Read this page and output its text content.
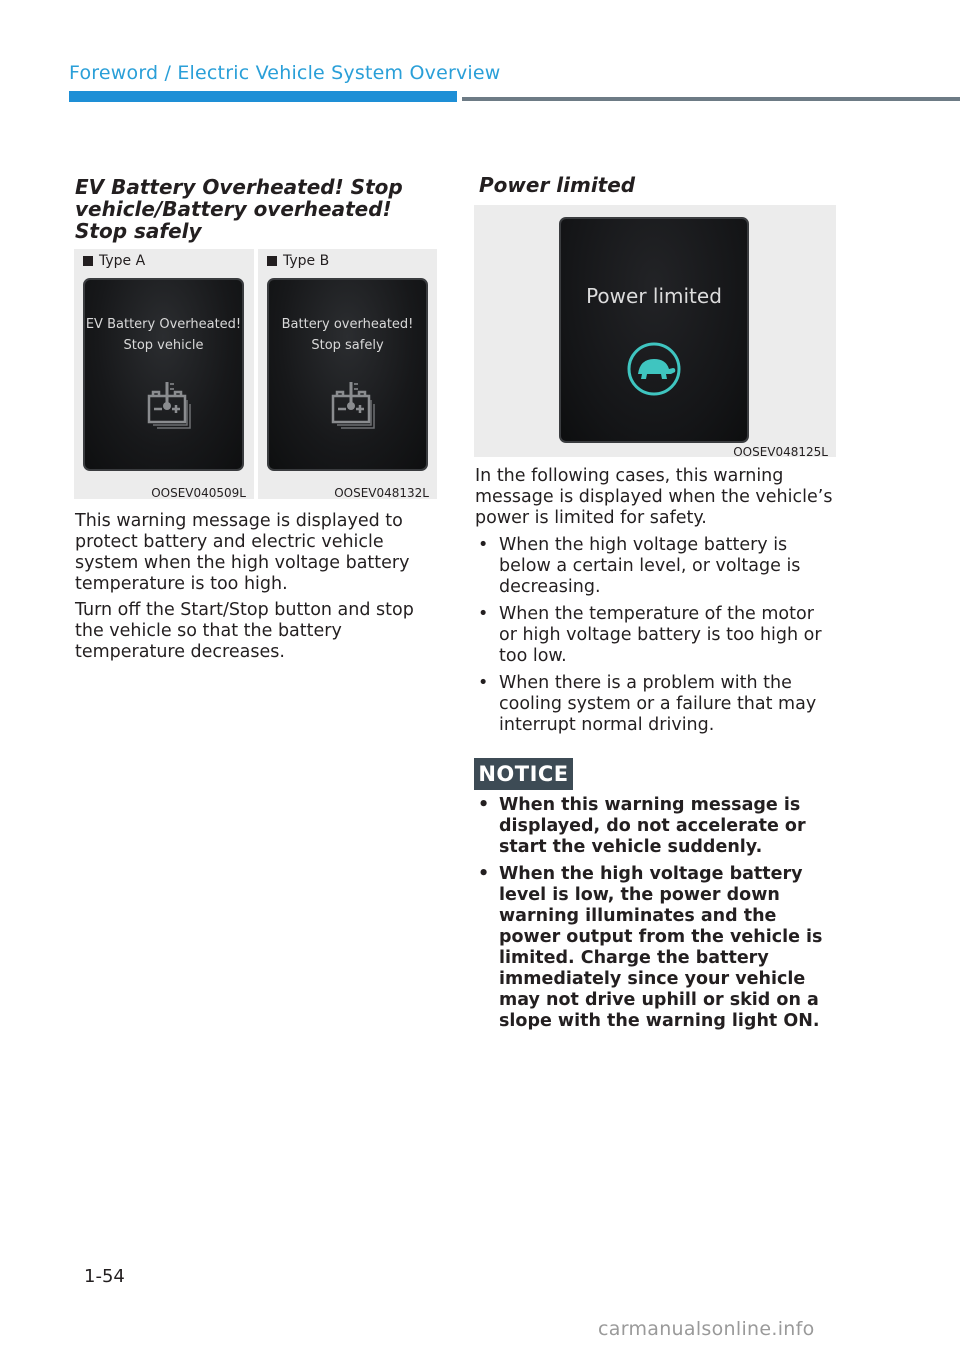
Foreword / Electric Vehicle System Overview
EV Battery Overheated! Stop vehicle/Battery overheated! Stop safely
Type A
EV Battery Overheated!
Stop vehicle
OOSEV040509L
Type B
Battery overheated!
Stop safely
OOSEV048132L

This warning message is displayed to protect battery and electric vehicle system when the high voltage battery temperature is too high.

Turn off the Start/Stop button and stop the vehicle so that the battery temperature decreases.

Power limited
Power limited
OOSEV048125L

In the following cases, this warning message is displayed when the vehicle’s power is limited for safety.

• When the high voltage battery is below a certain level, or voltage is decreasing.
• When the temperature of the motor or high voltage battery is too high or too low.
• When there is a problem with the cooling system or a failure that may interrupt normal driving.
NOTICE
• When this warning message is displayed, do not accelerate or start the vehicle suddenly.
• When the high voltage battery level is low, the power down warning illuminates and the power output from the vehicle is limited. Charge the battery immediately since your vehicle may not drive uphill or skid on a slope with the warning light ON.
1-54
carmanualsonline.info
